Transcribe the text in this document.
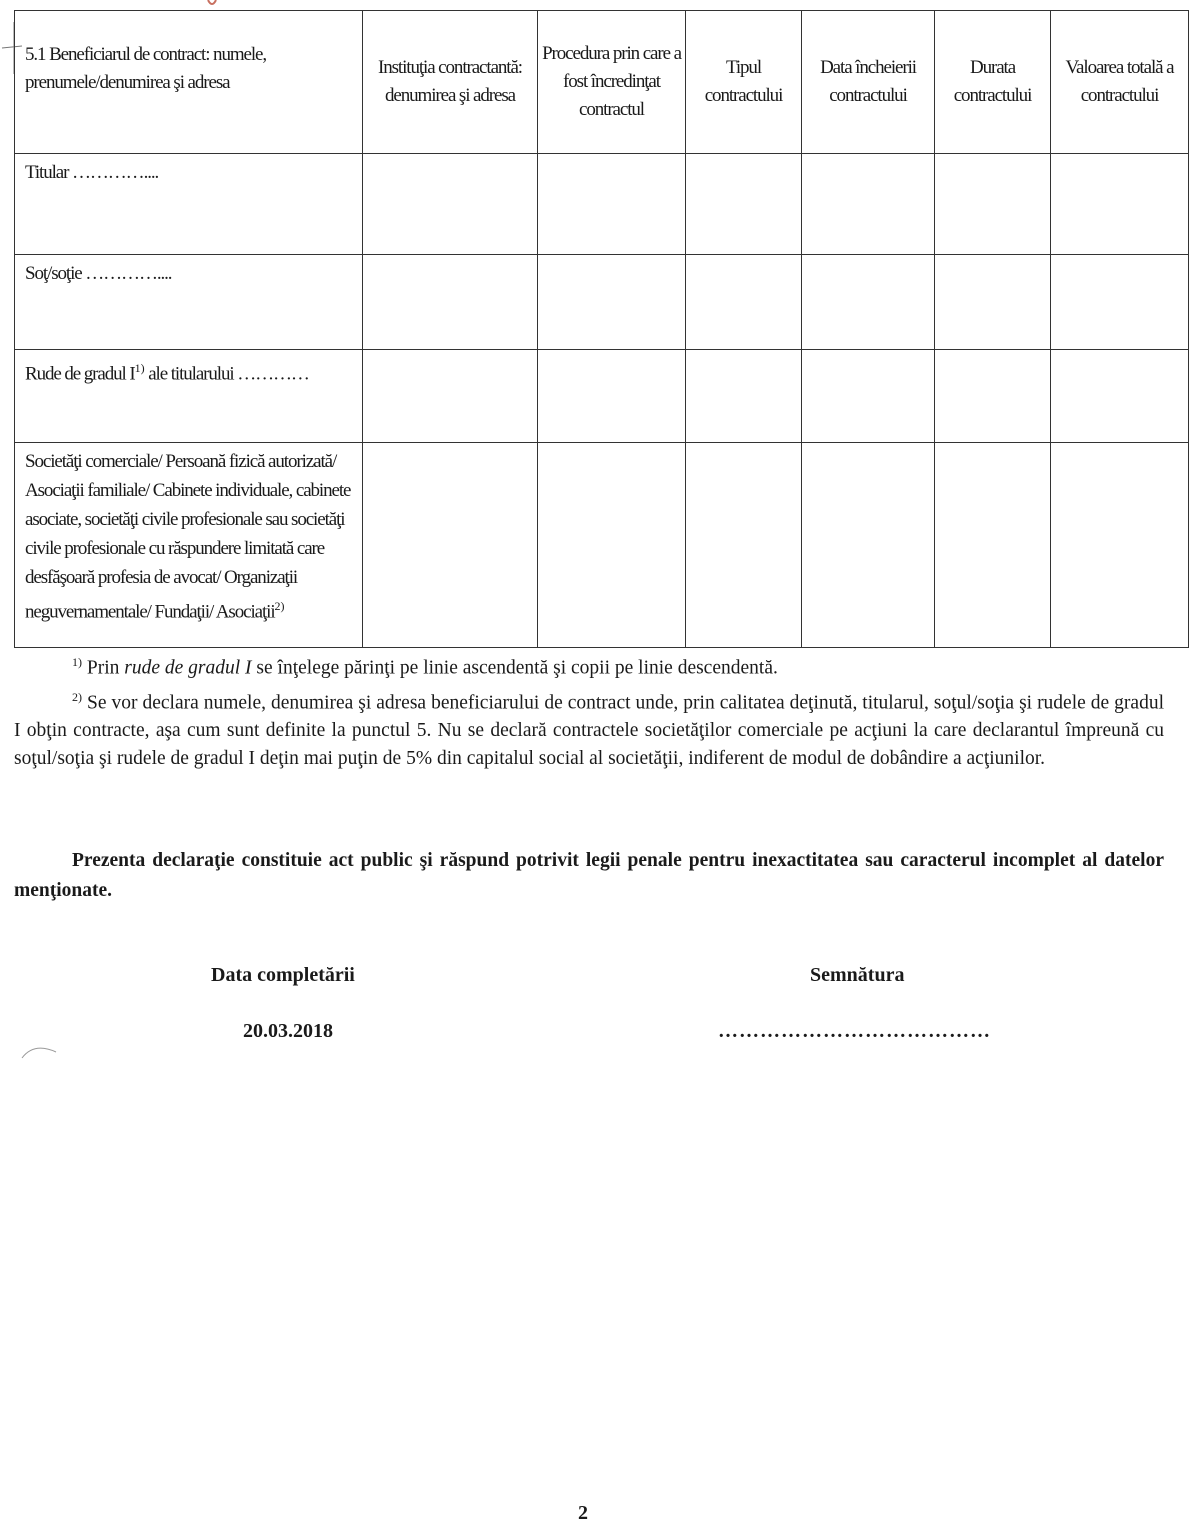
5.1 Beneficiarul de contract: numele, prenumele/denumirea şi adresa	Instituţia contractantă: denumirea şi adresa	Procedura prin care a fost încredinţat contractul	Tipul contractului	Data încheierii contractului	Durata contractului	Valoarea totală a contractului
Titular …………....						
Soţ/soţie …………....						
Rude de gradul I$^{1)}$ ale titularului …………						
Societăţi comerciale/ Persoană fizică autorizată/ Asociaţii familiale/ Cabinete individuale, cabinete asociate, societăţi civile profesionale sau societăţi civile profesionale cu răspundere limitată care desfăşoară profesia de avocat/ Organizaţii neguvernamentale/ Fundaţii/ Asociaţii$^{2)}$						

$^{1)}$ Prin rude de gradul I se înţelege părinţi pe linie ascendentă şi copii pe linie descendentă.

$^{2)}$ Se vor declara numele, denumirea şi adresa beneficiarului de contract unde, prin calitatea deţinută, titularul, soţul/soţia şi rudele de gradul I obţin contracte, aşa cum sunt definite la punctul 5. Nu se declară contractele societăţilor comerciale pe acţiuni la care declarantul împreună cu soţul/soţia şi rudele de gradul I deţin mai puţin de 5% din capitalul social al societăţii, indiferent de modul de dobândire a acţiunilor.

Prezenta declaraţie constituie act public şi răspund potrivit legii penale pentru inexactitatea sau caracterul incomplet al datelor menţionate.

Data completării	Semnătura
20.03.2018	…………………………………
2
